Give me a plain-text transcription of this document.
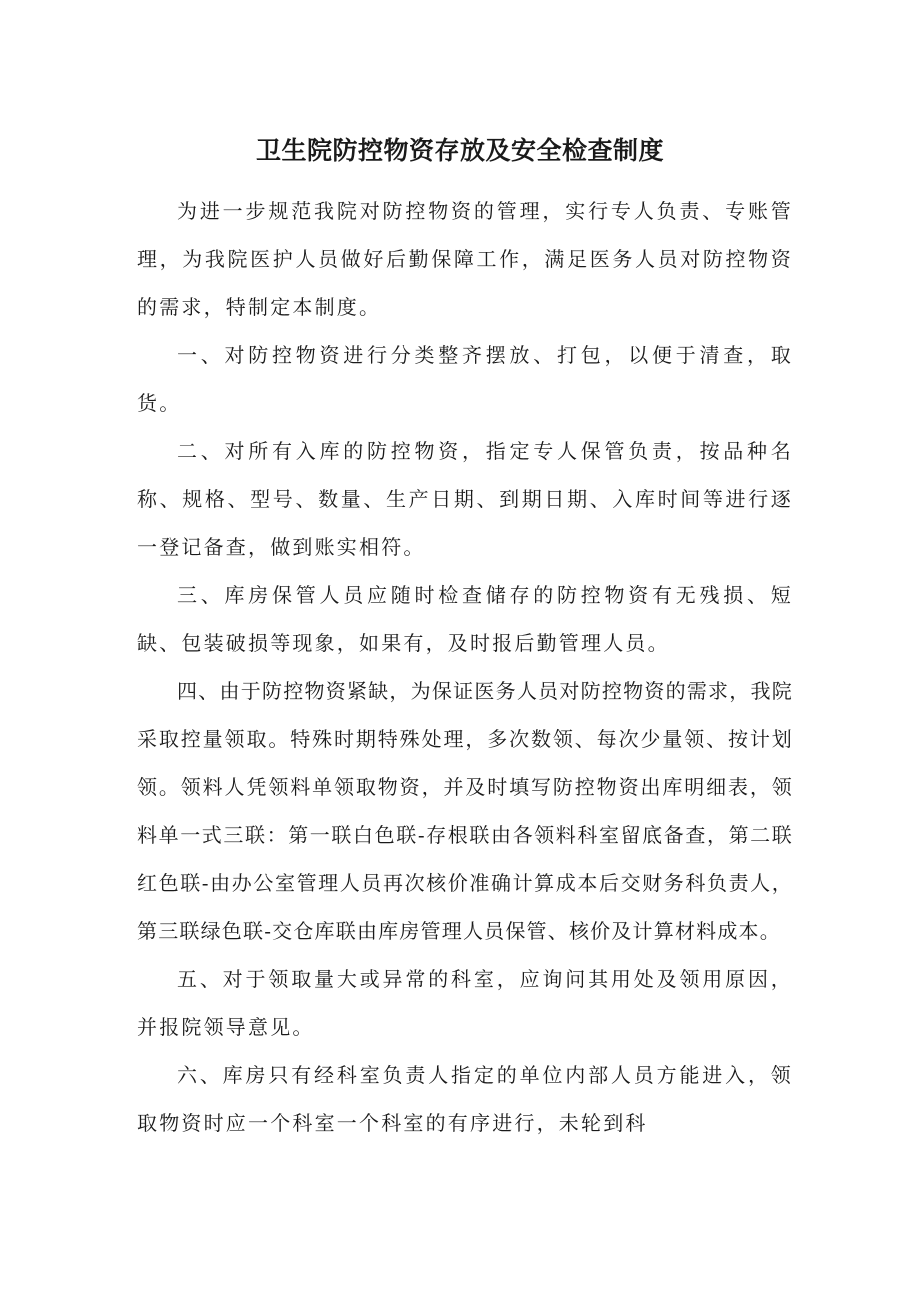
卫生院防控物资存放及安全检查制度

为进一步规范我院对防控物资的管理，实行专人负责、专账管理，为我院医护人员做好后勤保障工作，满足医务人员对防控物资的需求，特制定本制度。

一、对防控物资进行分类整齐摆放、打包，以便于清查，取货。

二、对所有入库的防控物资，指定专人保管负责，按品种名称、规格、型号、数量、生产日期、到期日期、入库时间等进行逐一登记备查，做到账实相符。

三、库房保管人员应随时检查储存的防控物资有无残损、短缺、包装破损等现象，如果有，及时报后勤管理人员。

四、由于防控物资紧缺，为保证医务人员对防控物资的需求，我院采取控量领取。特殊时期特殊处理，多次数领、每次少量领、按计划领。领料人凭领料单领取物资，并及时填写防控物资出库明细表，领料单一式三联：第一联白色联-存根联由各领料科室留底备查，第二联红色联-由办公室管理人员再次核价准确计算成本后交财务科负责人，第三联绿色联-交仓库联由库房管理人员保管、核价及计算材料成本。

五、对于领取量大或异常的科室，应询问其用处及领用原因，并报院领导意见。

六、库房只有经科室负责人指定的单位内部人员方能进入，领取物资时应一个科室一个科室的有序进行，未轮到科
